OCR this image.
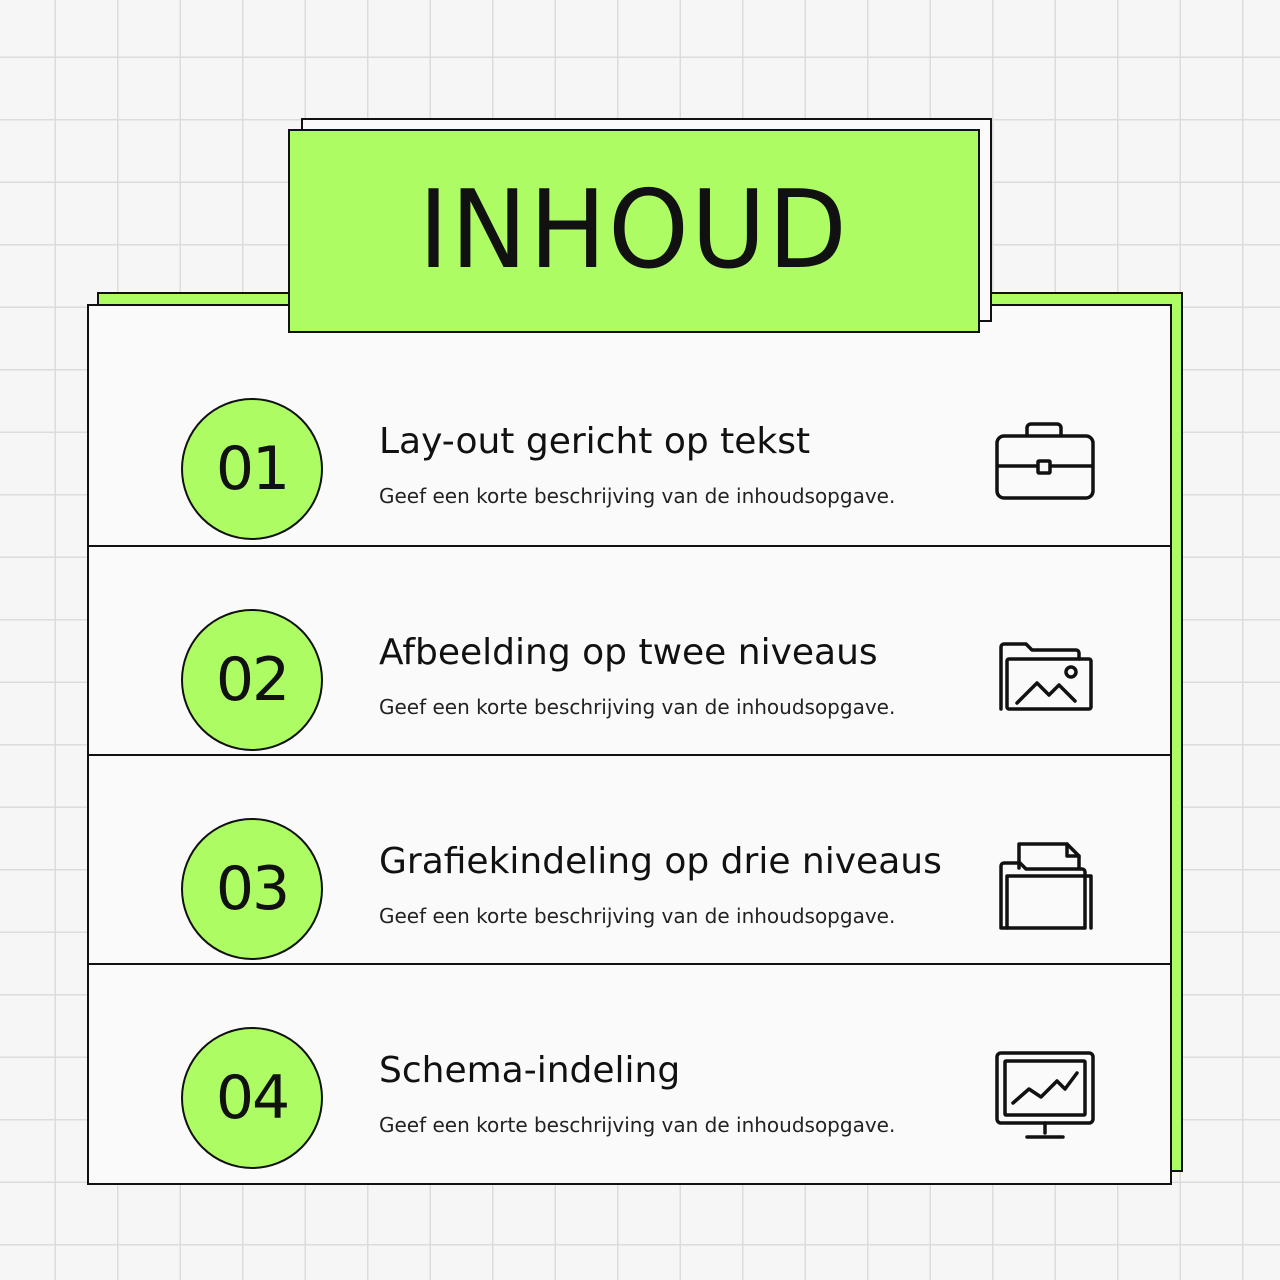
01	Lay-out gericht op tekst
Geef een korte beschrijving van de inhoudsopgave.
02	Afbeelding op twee niveaus
Geef een korte beschrijving van de inhoudsopgave.
03	Grafiekindeling op drie niveaus
Geef een korte beschrijving van de inhoudsopgave.
04	Schema-indeling
Geef een korte beschrijving van de inhoudsopgave.
INHOUD
